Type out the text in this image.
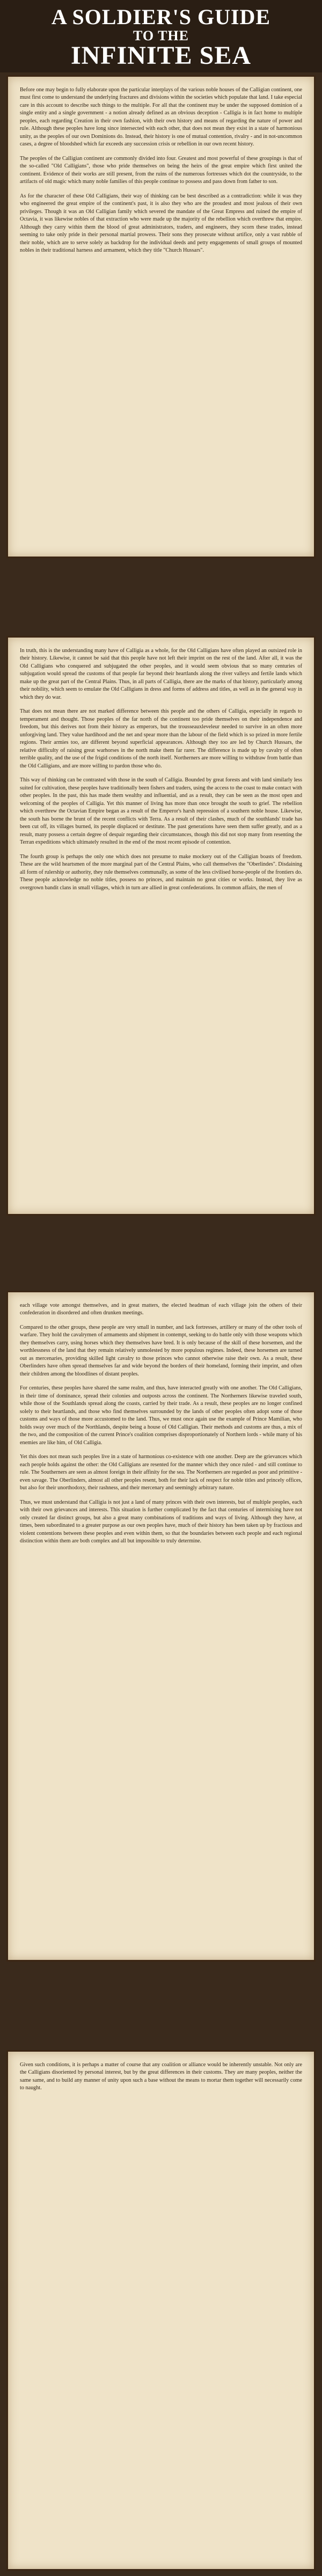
A SOLDIER'S GUIDE
TO THE
INFINITE SEA

Before one may begin to fully elaborate upon the particular interplays of the various noble houses of the Calligian continent, one must first come to understand the underlying fractures and divisions within the societies which populate that land. I take especial care in this account to describe such things to the multiple. For all that the continent may be under the supposed dominion of a single entity and a single government - a notion already defined as an obvious deception - Calligia is in fact home to multiple peoples, each regarding Creation in their own fashion, with their own history and means of regarding the nature of power and rule. Although these peoples have long since intersected with each other, that does not mean they exist in a state of harmonious unity, as the peoples of our own Dominions do. Instead, their history is one of mutual contention, rivalry - and in not-uncommon cases, a degree of bloodshed which far exceeds any succession crisis or rebellion in our own recent history.

The peoples of the Calligian continent are commonly divided into four. Greatest and most powerful of these groupings is that of the so-called "Old Calligians", those who pride themselves on being the heirs of the great empire which first united the continent. Evidence of their works are still present, from the ruins of the numerous fortresses which dot the countryside, to the artifacts of old magic which many noble families of this people continue to possess and pass down from father to son.

As for the character of these Old Calligians, their way of thinking can be best described as a contradiction: while it was they who engineered the great empire of the continent's past, it is also they who are the proudest and most jealous of their own privileges. Though it was an Old Calligian family which severed the mandate of the Great Empress and ruined the empire of Octavia, it was likewise nobles of that extraction who were made up the majority of the rebellion which overthrew that empire. Although they carry within them the blood of great administrators, traders, and engineers, they scorn these trades, instead seeming to take only pride in their personal martial prowess. Their sons they prosecute without artifice, only a vast rubble of their noble, which are to serve solely as backdrop for the individual deeds and petty engagements of small groups of mounted nobles in their traditional harness and armament, which they title "Church Hussars".

In truth, this is the understanding many have of Calligia as a whole, for the Old Calligians have often played an outsized role in their history. Likewise, it cannot be said that this people have not left their imprint on the rest of the land. After all, it was the Old Calligians who conquered and subjugated the other peoples, and it would seem obvious that so many centuries of subjugation would spread the customs of that people far beyond their heartlands along the river valleys and fertile lands which make up the great part of the Central Plains. Thus, in all parts of Calligia, there are the marks of that history, particularly among their nobility, which seem to emulate the Old Calligians in dress and forms of address and titles, as well as in the general way in which they do war.

That does not mean there are not marked difference between this people and the others of Calligia, especially in regards to temperament and thought. Those peoples of the far north of the continent too pride themselves on their independence and freedom, but this derives not from their history as emperors, but the trousseauxleveleur needed to survive in an often more unforgiving land. They value hardihood and the net and spear more than the labour of the field which is so prized in more fertile regions. Their armies too, are different beyond superficial appearances. Although they too are led by Church Hussars, the relative difficulty of raising great warhorses in the north make them far rarer. The difference is made up by cavalry of often terrible quality, and the use of the frigid conditions of the north itself. Northerners are more willing to withdraw from battle than the Old Calligians, and are more willing to pardon those who do.

This way of thinking can be contrasted with those in the south of Calligia. Bounded by great forests and with land similarly less suited for cultivation, these peoples have traditionally been fishers and traders, using the access to the coast to make contact with other peoples. In the past, this has made them wealthy and influential, and as a result, they can be seen as the most open and welcoming of the peoples of Calligia. Yet this manner of living has more than once brought the south to grief. The rebellion which overthrew the Octavian Empire began as a result of the Emperor's harsh repression of a southern noble house. Likewise, the south has borne the brunt of the recent conflicts with Terra. As a result of their clashes, much of the southlands' trade has been cut off, its villages burned, its people displaced or destitute. The past generations have seen them suffer greatly, and as a result, many possess a certain degree of despair regarding their circumstances, though this did not stop many from resenting the Terran expeditions which ultimately resulted in the end of the most recent episode of contention.

The fourth group is perhaps the only one which does not presume to make mockery out of the Calligian boasts of freedom. These are the wild heartsmen of the more marginal part of the Central Plains, who call themselves the "Oberlindes". Disdaining all form of rulership or authority, they rule themselves communally, as some of the less civilised horse-people of the frontiers do. These people acknowledge no noble titles, possess no princes, and maintain no great cities or works. Instead, they live as overgrown bandit clans in small villages, which in turn are allied in great confederations. In common affairs, the men of

each village vote amongst themselves, and in great matters, the elected headman of each village join the others of their confederation in disordered and often drunken meetings.

Compared to the other groups, these people are very small in number, and lack fortresses, artillery or many of the other tools of warfare. They hold the cavalrymen of armaments and shipment in contempt, seeking to do battle only with those weapons which they themselves carry, using horses which they themselves have bred. It is only because of the skill of these horsemen, and the worthlessness of the land that they remain relatively unmolested by more populous regimes. Indeed, these horsemen are turned out as mercenaries, providing skilled light cavalry to those princes who cannot otherwise raise their own. As a result, these Oberlinders have often spread themselves far and wide beyond the borders of their homeland, forming their imprint, and often their children among the bloodlines of distant peoples.

For centuries, these peoples have shared the same realm, and thus, have interacted greatly with one another. The Old Calligians, in their time of dominance, spread their colonies and outposts across the continent. The Northerners likewise traveled south, while those of the Southlands spread along the coasts, carried by their trade. As a result, these peoples are no longer confined solely to their heartlands, and those who find themselves surrounded by the lands of other peoples often adopt some of those customs and ways of those more accustomed to the land. Thus, we must once again use the example of Prince Mamilian, who holds sway over much of the Northlands, despite being a house of Old Calligian. Their methods and customs are thus, a mix of the two, and the composition of the current Prince's coalition comprises disproportionately of Northern lords - while many of his enemies are like him, of Old Calligia.

Yet this does not mean such peoples live in a state of harmonious co-existence with one another. Deep are the grievances which each people holds against the other: the Old Calligians are resented for the manner which they once ruled - and still continue to rule. The Southerners are seen as almost foreign in their affinity for the sea. The Northerners are regarded as poor and primitive - even savage. The Oberlinders, almost all other peoples resent, both for their lack of respect for noble titles and princely offices, but also for their unorthodoxy, their rashness, and their mercenary and seemingly arbitrary nature.

Thus, we must understand that Calligia is not just a land of many princes with their own interests, but of multiple peoples, each with their own grievances and interests. This situation is further complicated by the fact that centuries of intermixing have not only created far distinct groups, but also a great many combinations of traditions and ways of living. Although they have, at times, been subordinated to a greater purpose as our own peoples have, much of their history has been taken up by fractious and violent contentions between these peoples and even within them, so that the boundaries between each people and each regional distinction within them are both complex and all but impossible to truly determine.

Given such conditions, it is perhaps a matter of course that any coalition or alliance would be inherently unstable. Not only are the Calligians disoriented by personal interest, but by the great differences in their customs. They are many peoples, neither the same same, and to build any manner of unity upon such a base without the means to mortar them together will necessarily come to naught.
